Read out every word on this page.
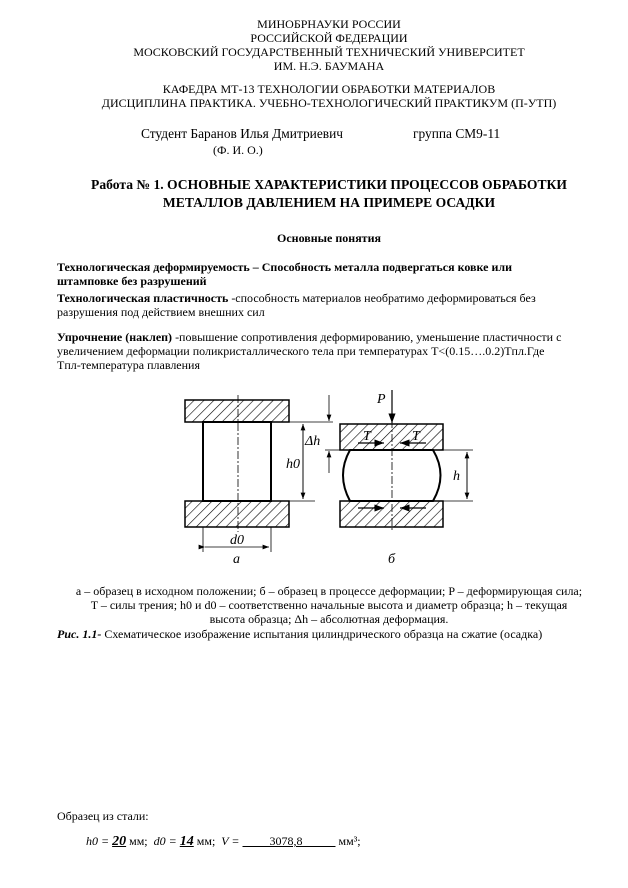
МИНОБРНАУКИ РОССИИ
РОССИЙСКОЙ ФЕДЕРАЦИИ
МОСКОВСКИЙ ГОСУДАРСТВЕННЫЙ ТЕХНИЧЕСКИЙ УНИВЕРСИТЕТ
ИМ. Н.Э. БАУМАНА
КАФЕДРА МТ-13 ТЕХНОЛОГИИ ОБРАБОТКИ МАТЕРИАЛОВ
ДИСЦИПЛИНА ПРАКТИКА. УЧЕБНО-ТЕХНОЛОГИЧЕСКИЙ ПРАКТИКУМ (П-УТП)
Студент Баранов Илья Дмитриевич	группа СМ9-11
(Ф. И. О.)
Работа № 1. ОСНОВНЫЕ ХАРАКТЕРИСТИКИ ПРОЦЕССОВ ОБРАБОТКИ
МЕТАЛЛОВ ДАВЛЕНИЕМ НА ПРИМЕРЕ ОСАДКИ
Основные понятия
Технологическая деформируемость – Способность металла подвергаться ковке или
штамповке без разрушений
Технологическая пластичность -способность материалов необратимо деформироваться без
разрушения под действием внешних сил
Упрочнение (наклеп) -повышение сопротивления деформированию, уменьшение пластичности с
увеличением деформации поликристаллического тела при температурах T<(0.15….0.2)Tпл.Где
Tпл-температура плавления
P
T	T
Δh
h0
h
d0
a	б
a – образец в исходном положении; б – образец в процессе деформации; P – деформирующая сила;
T – силы трения; h0 и d0 – соответственно начальные высота и диаметр образца; h – текущая
высота образца; Δh – абсолютная деформация.
Рис. 1.1- Схематическое изображение испытания цилиндрического образца на сжатие (осадка)
Образец из стали:
h0 = 20 мм; d0 = 14 мм; V =	3078,8	мм³;
